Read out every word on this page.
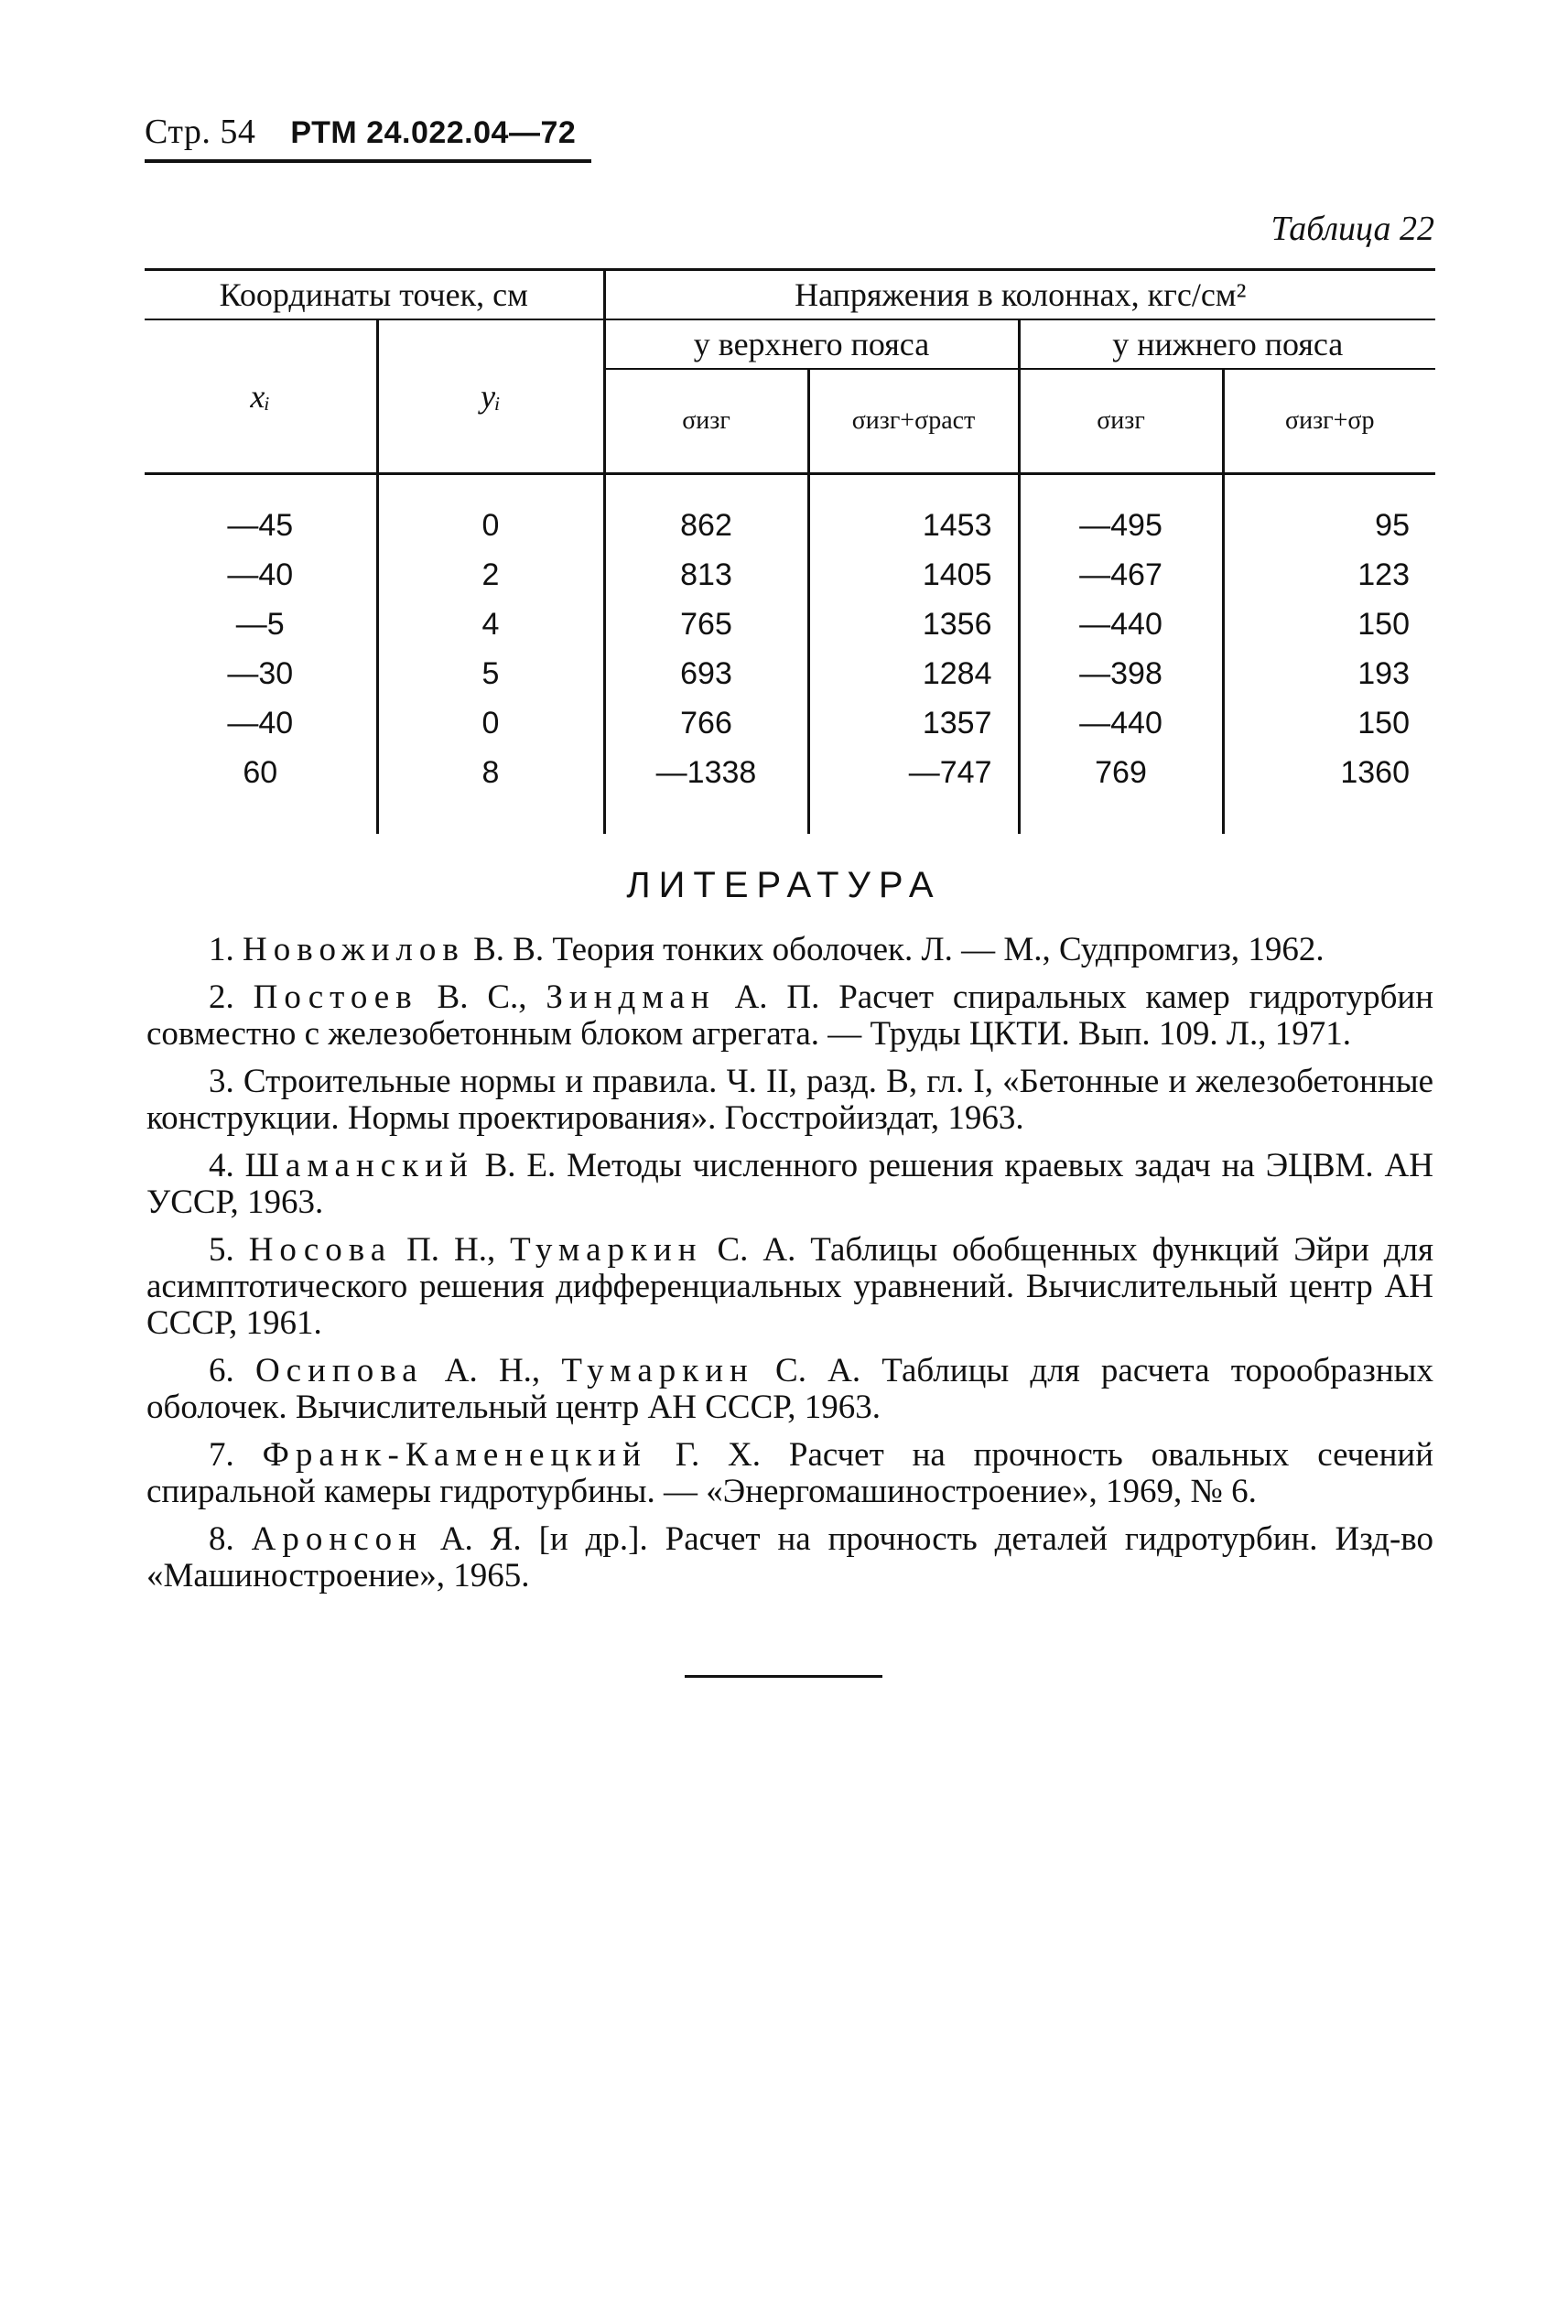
Стр. 54 РТМ 24.022.04—72
Таблица 22
Координаты точек, см		Напряжения в колоннах, кгс/см²			
xᵢ	yᵢ	у верхнего пояса		у нижнего пояса	
		σизг	σизг+σраст	σизг	σизг+σр

—45	0	862	1453	—495	95
—40	2	813	1405	—467	123
—5	4	765	1356	—440	150
—30	5	693	1284	—398	193
—40	0	766	1357	—440	150
60	8	—1338	—747	769	1360

ЛИТЕРАТУРА

1. Новожилов В. В. Теория тонких оболочек. Л. — М., Судпромгиз, 1962.

2. Постоев В. С., Зиндман А. П. Расчет спиральных камер гидротурбин совместно с железобетонным блоком агрегата. — Труды ЦКТИ. Вып. 109. Л., 1971.

3. Строительные нормы и правила. Ч. II, разд. В, гл. I, «Бетонные и железобетонные конструкции. Нормы проектирования». Госстройиздат, 1963.

4. Шаманский В. Е. Методы численного решения краевых задач на ЭЦВМ. АН УССР, 1963.

5. Носова П. Н., Тумаркин С. А. Таблицы обобщенных функций Эйри для асимптотического решения дифференциальных уравнений. Вычислительный центр АН СССР, 1961.

6. Осипова А. Н., Тумаркин С. А. Таблицы для расчета торообразных оболочек. Вычислительный центр АН СССР, 1963.

7. Франк-Каменецкий Г. Х. Расчет на прочность овальных сечений спиральной камеры гидротурбины. — «Энергомашиностроение», 1969, № 6.

8. Аронсон А. Я. [и др.]. Расчет на прочность деталей гидротурбин. Изд-во «Машиностроение», 1965.
